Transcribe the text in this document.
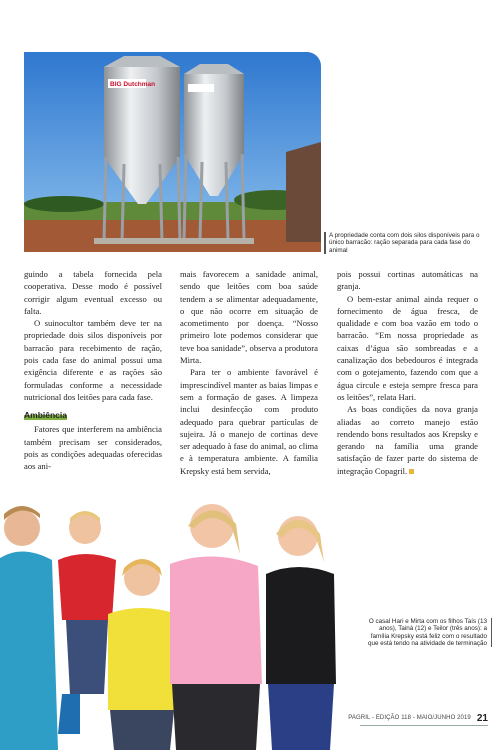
BIG Dutchman
A propriedade conta com dois silos disponíveis para o único barracão: ração separada para cada fase do animal

guindo a tabela fornecida pela cooperativa. Desse modo é possível corrigir algum eventual excesso ou falta.

O suinocultor também deve ter na propriedade dois silos disponíveis por barracão para recebimento de ração, pois cada fase do animal possui uma exigência diferente e as rações são formuladas conforme a necessidade nutricional dos leitões para cada fase.

Ambiência

Fatores que interferem na ambiência também precisam ser considerados, pois as condições adequadas oferecidas aos ani-

mais favorecem a sanidade animal, sendo que leitões com boa saúde tendem a se alimentar adequadamente, o que não ocorre em situação de acometimento por doença. “Nosso primeiro lote podemos considerar que teve boa sanidade”, observa a produtora Mirta.

Para ter o ambiente favorável é imprescindível manter as baias limpas e sem a formação de gases. A limpeza inclui desinfecção com produto adequado para quebrar partículas de sujeira. Já o manejo de cortinas deve ser adequado à fase do animal, ao clima e à temperatura ambiente. A família Krepsky está bem servida,

pois possui cortinas automáticas na granja.

O bem-estar animal ainda requer o fornecimento de água fresca, de qualidade e com boa vazão em todo o barracão. “Em nossa propriedade as caixas d’água são sombreadas e a canalização dos bebedouros é integrada com o gotejamento, fazendo com que a água circule e esteja sempre fresca para os leitões”, relata Hari.

As boas condições da nova granja aliadas ao correto manejo estão rendendo bons resultados aos Krepsky e gerando na família uma grande satisfação de fazer parte do sistema de integração Copagril.

O casal Hari e Mirta com os filhos Taís (13 anos), Tainá (12) e Teilor (três anos): a família Krepsky está feliz com o resultado que está tendo na atividade de terminação
PAGRIL - EDIÇÃO 118 - MAIO/JUNHO 2019 21
